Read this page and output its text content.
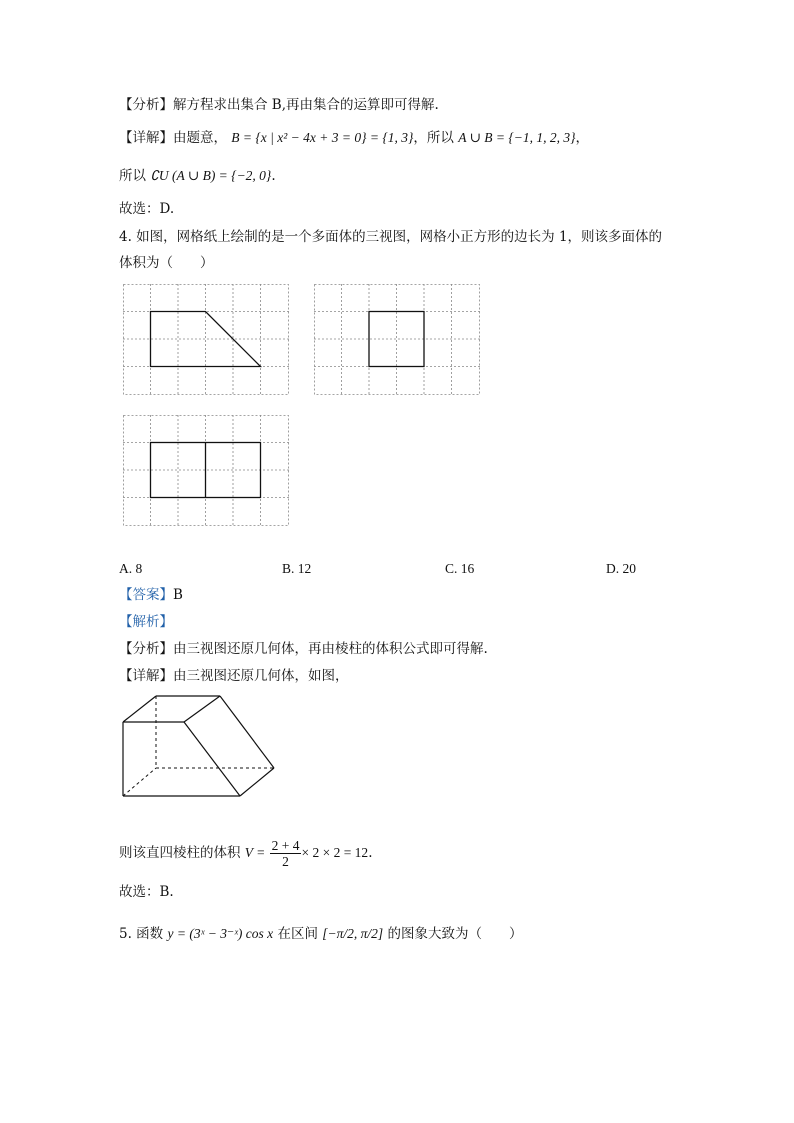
【分析】解方程求出集合 B,再由集合的运算即可得解.
【详解】由题意， B = {x | x² − 4x + 3 = 0} = {1, 3}，所以 A ∪ B = {−1, 1, 2, 3}，
所以 ∁U (A ∪ B) = {−2, 0}.
故选：D.
4. 如图，网格纸上绘制的是一个多面体的三视图，网格小正方形的边长为 1，则该多面体的
体积为（　　）
A. 8	B. 12	C. 16	D. 20
【答案】B
【解析】
【分析】由三视图还原几何体，再由棱柱的体积公式即可得解.
【详解】由三视图还原几何体，如图，
则该直四棱柱的体积 $V = \frac{2 + 4}{2} \times 2 \times 2 = 12$.
故选：B.
5. 函数 y = (3ˣ − 3⁻ˣ) cos x 在区间 [−π/2, π/2] 的图象大致为（　　）
